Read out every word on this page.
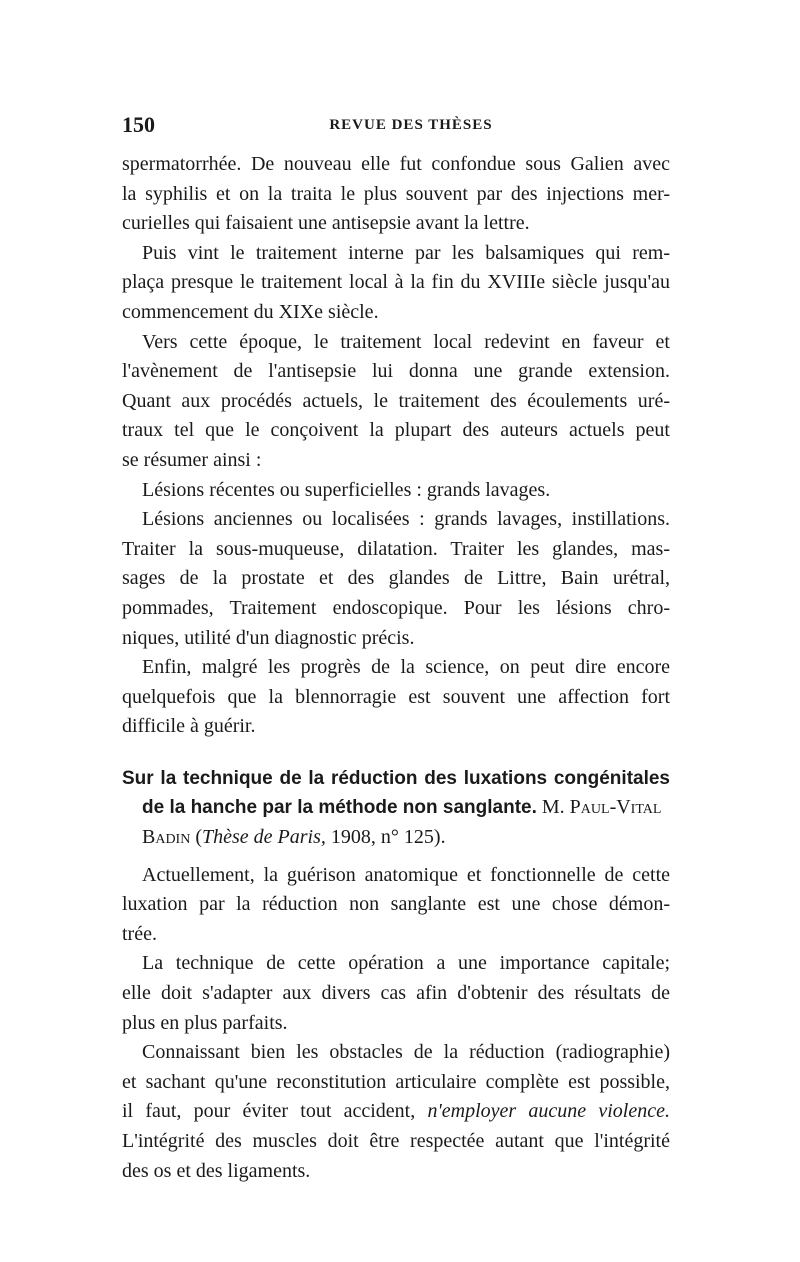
150	REVUE DES THÈSES
spermatorrhée. De nouveau elle fut confondue sous Galien avec
la syphilis et on la traita le plus souvent par des injections mer-
curielles qui faisaient une antisepsie avant la lettre.
Puis vint le traitement interne par les balsamiques qui rem-
plaça presque le traitement local à la fin du XVIIIe siècle jusqu'au
commencement du XIXe siècle.
Vers cette époque, le traitement local redevint en faveur et
l'avènement de l'antisepsie lui donna une grande extension.
Quant aux procédés actuels, le traitement des écoulements uré-
traux tel que le conçoivent la plupart des auteurs actuels peut
se résumer ainsi :
Lésions récentes ou superficielles : grands lavages.
Lésions anciennes ou localisées : grands lavages, instillations.
Traiter la sous-muqueuse, dilatation. Traiter les glandes, mas-
sages de la prostate et des glandes de Littre, Bain urétral,
pommades, Traitement endoscopique. Pour les lésions chro-
niques, utilité d'un diagnostic précis.
Enfin, malgré les progrès de la science, on peut dire encore
quelquefois que la blennorragie est souvent une affection fort
difficile à guérir.
Sur la technique de la réduction des luxations congénitales
de la hanche par la méthode non sanglante. M. Paul-Vital
Badin (Thèse de Paris, 1908, n° 125).
Actuellement, la guérison anatomique et fonctionnelle de cette
luxation par la réduction non sanglante est une chose démon-
trée.
La technique de cette opération a une importance capitale;
elle doit s'adapter aux divers cas afin d'obtenir des résultats de
plus en plus parfaits.
Connaissant bien les obstacles de la réduction (radiographie)
et sachant qu'une reconstitution articulaire complète est possible,
il faut, pour éviter tout accident, n'employer aucune violence.
L'intégrité des muscles doit être respectée autant que l'intégrité
des os et des ligaments.
